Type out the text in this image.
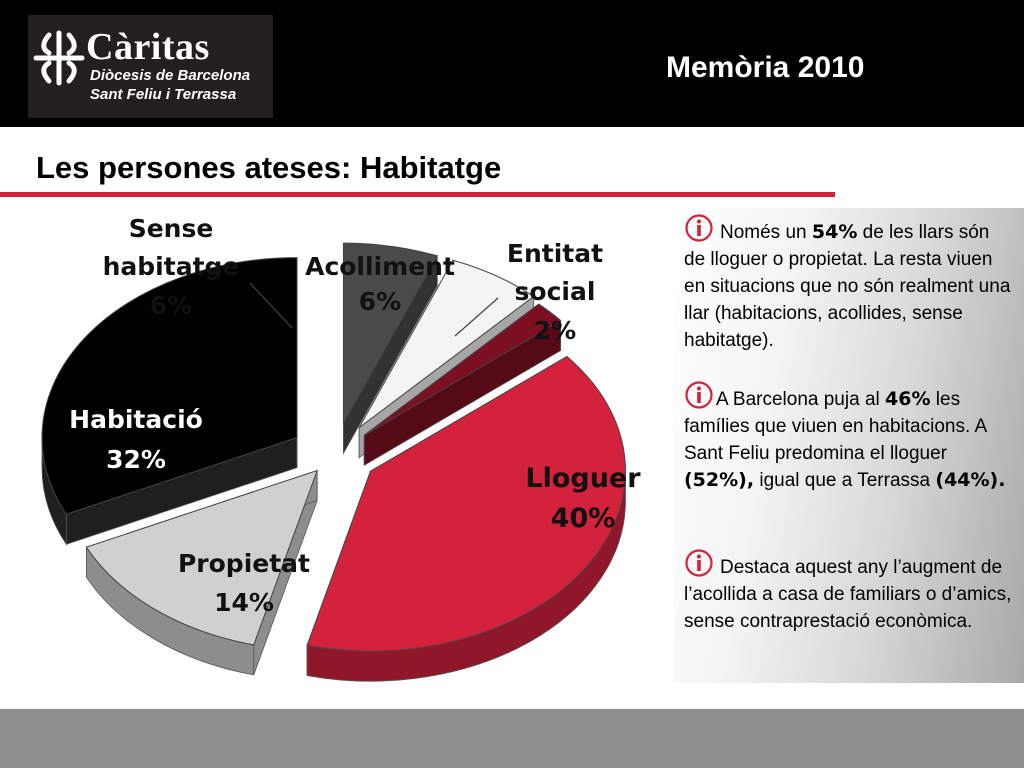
Càritas
Diòcesis de Barcelona
Sant Feliu i Terrassa
Memòria 2010
Les persones ateses: Habitatge
Sense
habitatge
6%
Acolliment
6%
Entitat
social
2%
Lloguer
40%
Propietat
14%
Habitació
32%
Només un 54% de les llars són de lloguer o propietat. La resta viuen en situacions que no són realment una llar (habitacions, acollides, sense habitatge).
A Barcelona puja al 46% les famílies que viuen en habitacions. A Sant Feliu predomina el lloguer (52%), igual que a Terrassa (44%).
Destaca aquest any l’augment de l’acollida a casa de familiars o d’amics, sense contraprestació econòmica.
